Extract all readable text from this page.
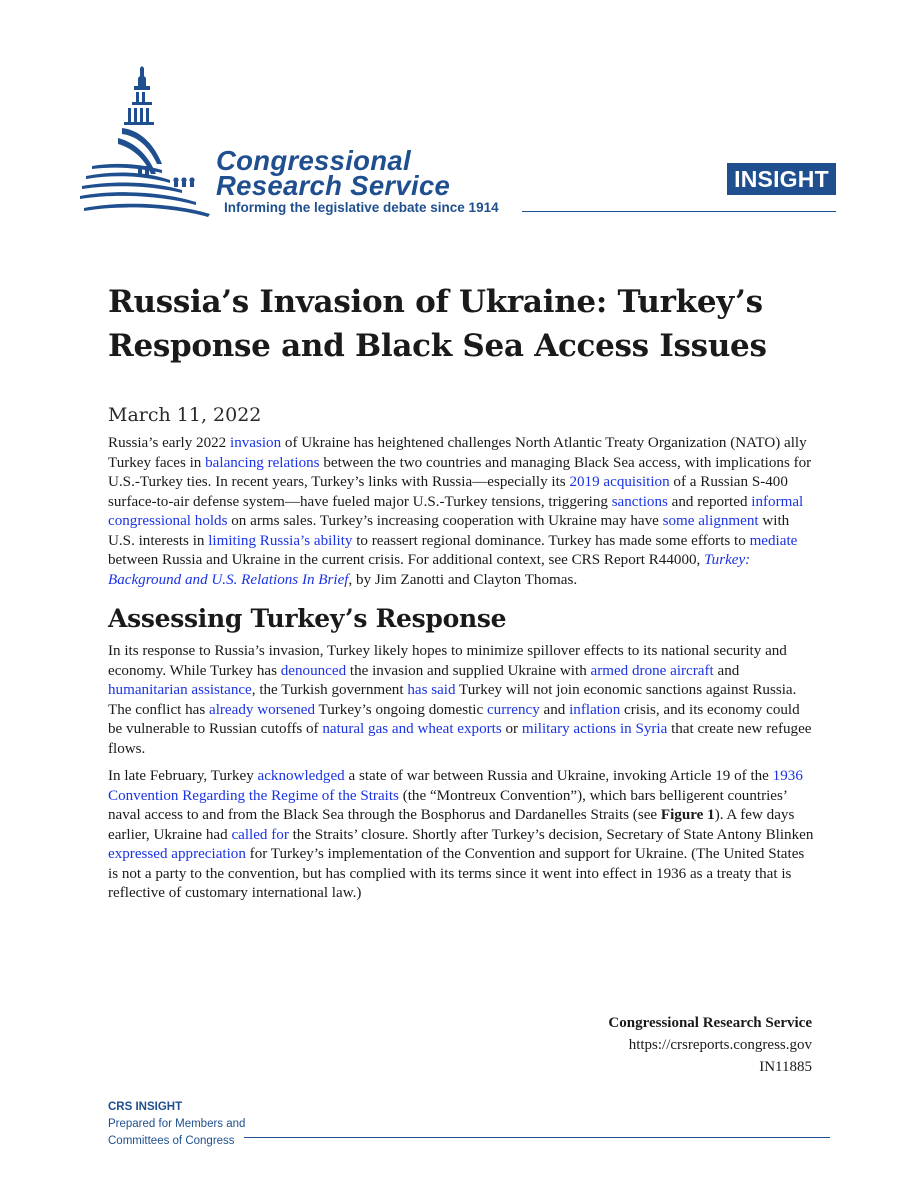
Congressional
Research Service
Informing the legislative debate since 1914
INSIGHT
Russia’s Invasion of Ukraine: Turkey’s Response and Black Sea Access Issues
March 11, 2022

Russia’s early 2022 invasion of Ukraine has heightened challenges North Atlantic Treaty Organization (NATO) ally Turkey faces in balancing relations between the two countries and managing Black Sea access, with implications for U.S.-Turkey ties. In recent years, Turkey’s links with Russia—especially its 2019 acquisition of a Russian S-400 surface-to-air defense system—have fueled major U.S.-Turkey tensions, triggering sanctions and reported informal congressional holds on arms sales. Turkey’s increasing cooperation with Ukraine may have some alignment with U.S. interests in limiting Russia’s ability to reassert regional dominance. Turkey has made some efforts to mediate between Russia and Ukraine in the current crisis. For additional context, see CRS Report R44000, Turkey: Background and U.S. Relations In Brief, by Jim Zanotti and Clayton Thomas.

Assessing Turkey’s Response

In its response to Russia’s invasion, Turkey likely hopes to minimize spillover effects to its national security and economy. While Turkey has denounced the invasion and supplied Ukraine with armed drone aircraft and humanitarian assistance, the Turkish government has said Turkey will not join economic sanctions against Russia. The conflict has already worsened Turkey’s ongoing domestic currency and inflation crisis, and its economy could be vulnerable to Russian cutoffs of natural gas and wheat exports or military actions in Syria that create new refugee flows.

In late February, Turkey acknowledged a state of war between Russia and Ukraine, invoking Article 19 of the 1936 Convention Regarding the Regime of the Straits (the “Montreux Convention”), which bars belligerent countries’ naval access to and from the Black Sea through the Bosphorus and Dardanelles Straits (see Figure 1). A few days earlier, Ukraine had called for the Straits’ closure. Shortly after Turkey’s decision, Secretary of State Antony Blinken expressed appreciation for Turkey’s implementation of the Convention and support for Ukraine. (The United States is not a party to the convention, but has complied with its terms since it went into effect in 1936 as a treaty that is reflective of customary international law.)

Congressional Research Service
https://crsreports.congress.gov
IN11885
CRS INSIGHT
Prepared for Members and
Committees of Congress
